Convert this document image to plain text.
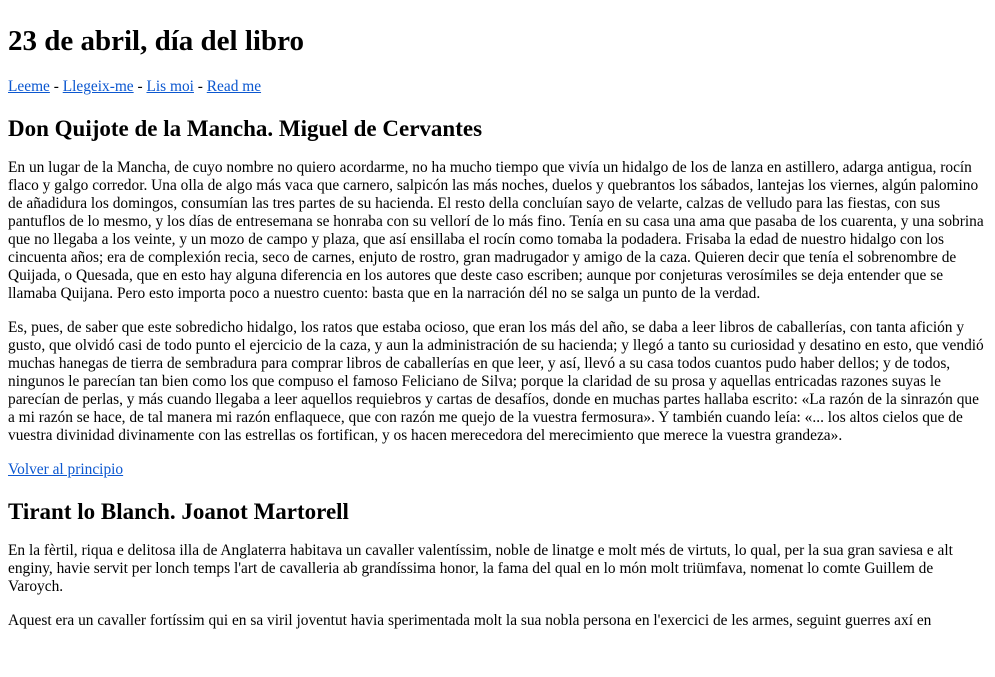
23 de abril, día del libro
Leeme - Llegeix-me - Lis moi - Read me
Don Quijote de la Mancha. Miguel de Cervantes

En un lugar de la Mancha, de cuyo nombre no quiero acordarme, no ha mucho tiempo que vivía un hidalgo de los de lanza en astillero, adarga antigua, rocín flaco y galgo corredor. Una olla de algo más vaca que carnero, salpicón las más noches, duelos y quebrantos los sábados, lantejas los viernes, algún palomino de añadidura los domingos, consumían las tres partes de su hacienda. El resto della concluían sayo de velarte, calzas de velludo para las fiestas, con sus pantuflos de lo mesmo, y los días de entresemana se honraba con su vellorí de lo más fino. Tenía en su casa una ama que pasaba de los cuarenta, y una sobrina que no llegaba a los veinte, y un mozo de campo y plaza, que así ensillaba el rocín como tomaba la podadera. Frisaba la edad de nuestro hidalgo con los cincuenta años; era de complexión recia, seco de carnes, enjuto de rostro, gran madrugador y amigo de la caza. Quieren decir que tenía el sobrenombre de Quijada, o Quesada, que en esto hay alguna diferencia en los autores que deste caso escriben; aunque por conjeturas verosímiles se deja entender que se llamaba Quijana. Pero esto importa poco a nuestro cuento: basta que en la narración dél no se salga un punto de la verdad.

Es, pues, de saber que este sobredicho hidalgo, los ratos que estaba ocioso, que eran los más del año, se daba a leer libros de caballerías, con tanta afición y gusto, que olvidó casi de todo punto el ejercicio de la caza, y aun la administración de su hacienda; y llegó a tanto su curiosidad y desatino en esto, que vendió muchas hanegas de tierra de sembradura para comprar libros de caballerías en que leer, y así, llevó a su casa todos cuantos pudo haber dellos; y de todos, ningunos le parecían tan bien como los que compuso el famoso Feliciano de Silva; porque la claridad de su prosa y aquellas entricadas razones suyas le parecían de perlas, y más cuando llegaba a leer aquellos requiebros y cartas de desafíos, donde en muchas partes hallaba escrito: «La razón de la sinrazón que a mi razón se hace, de tal manera mi razón enflaquece, que con razón me quejo de la vuestra fermosura». Y también cuando leía: «... los altos cielos que de vuestra divinidad divinamente con las estrellas os fortifican, y os hacen merecedora del merecimiento que merece la vuestra grandeza».

Volver al principio
Tirant lo Blanch. Joanot Martorell

En la fèrtil, riqua e delitosa illa de Anglaterra habitava un cavaller valentíssim, noble de linatge e molt més de virtuts, lo qual, per la sua gran saviesa e alt enginy, havie servit per lonch temps l'art de cavalleria ab grandíssima honor, la fama del qual en lo món molt triümfava, nomenat lo comte Guillem de Varoych.

Aquest era un cavaller fortíssim qui en sa viril joventut havia sperimentada molt la sua nobla persona en l'exercici de les armes, seguint guerres axí en
